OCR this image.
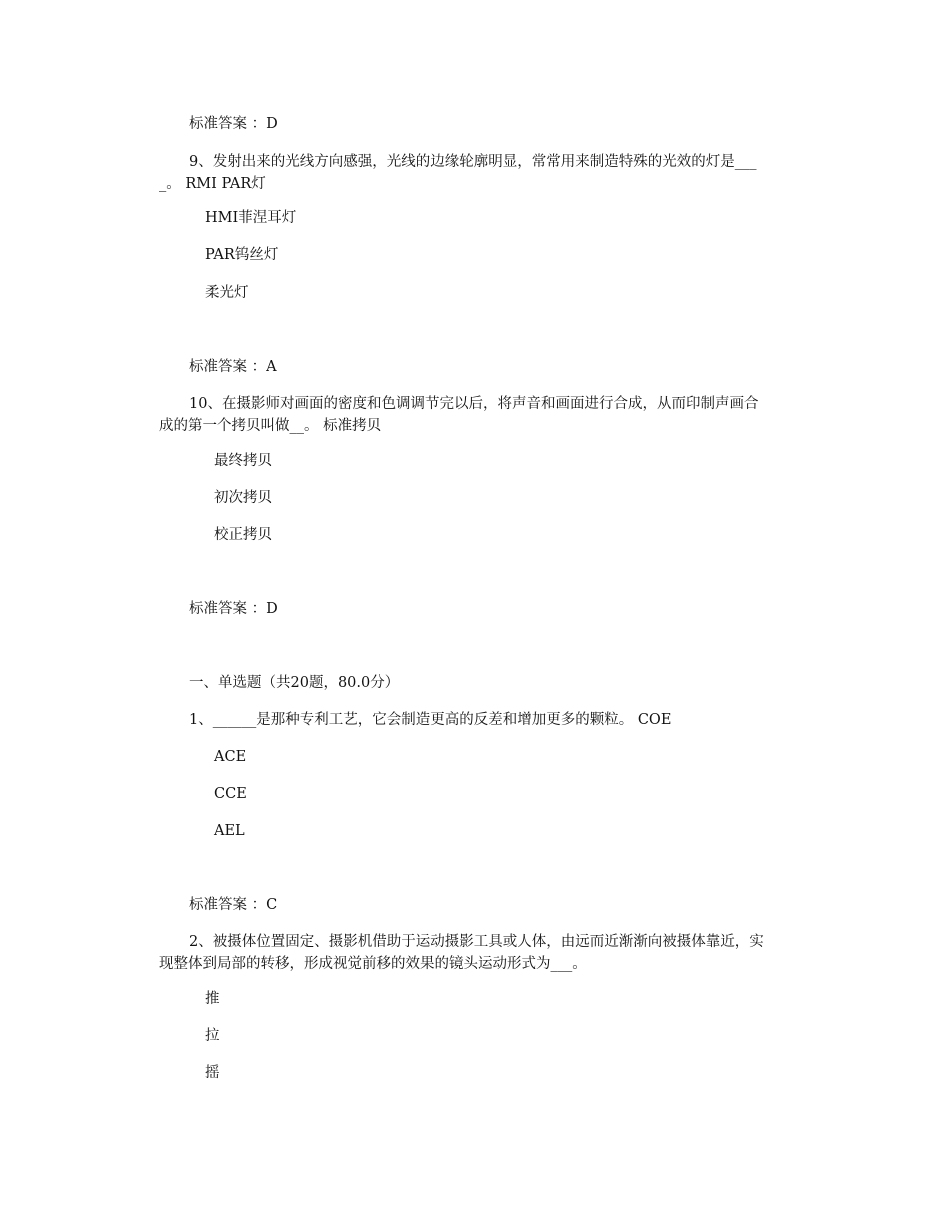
标准答案 ：D
9、发射出来的光线方向感强，光线的边缘轮廓明显，常常用来制造特殊的光效的灯是___
_。 RMI PAR灯
HMI菲涅耳灯
PAR钨丝灯
柔光灯
标准答案 ：A
10、在摄影师对画面的密度和色调调节完以后，将声音和画面进行合成，从而印制声画合
成的第一个拷贝叫做__。 标准拷贝
最终拷贝
初次拷贝
校正拷贝
标准答案 ：D
一、单选题（共20题，80.0分）
1、______是那种专利工艺，它会制造更高的反差和增加更多的颗粒。 COE
ACE
CCE
AEL
标准答案 ：C
2、被摄体位置固定、摄影机借助于运动摄影工具或人体，由远而近渐渐向被摄体靠近，实
现整体到局部的转移，形成视觉前移的效果的镜头运动形式为___。
推
拉
摇
